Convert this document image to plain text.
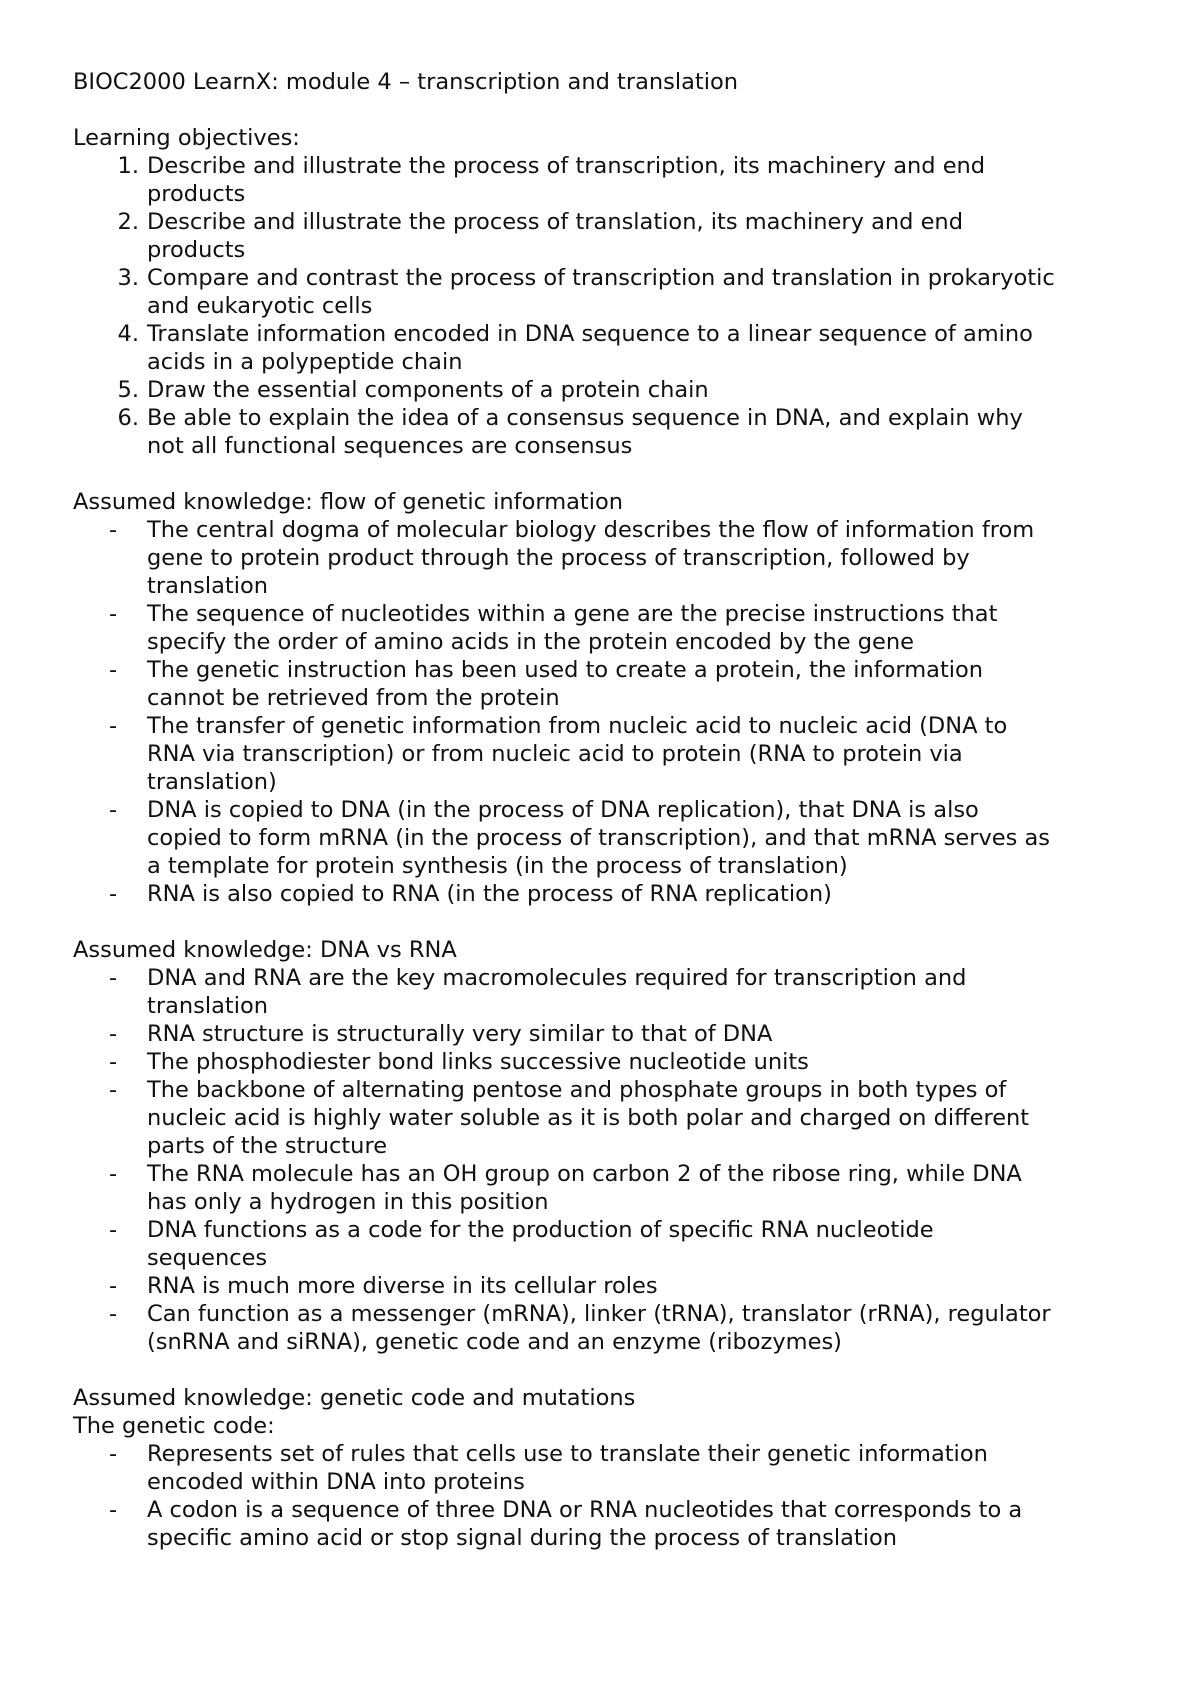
BIOC2000 LearnX: module 4 – transcription and translation

Learning objectives:

1. Describe and illustrate the process of transcription, its machinery and end
products
2. Describe and illustrate the process of translation, its machinery and end
products
3. Compare and contrast the process of transcription and translation in prokaryotic
and eukaryotic cells
4. Translate information encoded in DNA sequence to a linear sequence of amino
acids in a polypeptide chain
5. Draw the essential components of a protein chain
6. Be able to explain the idea of a consensus sequence in DNA, and explain why
not all functional sequences are consensus

Assumed knowledge: flow of genetic information

-	The central dogma of molecular biology describes the flow of information from
gene to protein product through the process of transcription, followed by
translation
-	The sequence of nucleotides within a gene are the precise instructions that
specify the order of amino acids in the protein encoded by the gene
-	The genetic instruction has been used to create a protein, the information
cannot be retrieved from the protein
-	The transfer of genetic information from nucleic acid to nucleic acid (DNA to
RNA via transcription) or from nucleic acid to protein (RNA to protein via
translation)
-	DNA is copied to DNA (in the process of DNA replication), that DNA is also
copied to form mRNA (in the process of transcription), and that mRNA serves as
a template for protein synthesis (in the process of translation)
-	RNA is also copied to RNA (in the process of RNA replication)

Assumed knowledge: DNA vs RNA

-	DNA and RNA are the key macromolecules required for transcription and
translation
-	RNA structure is structurally very similar to that of DNA
-	The phosphodiester bond links successive nucleotide units
-	The backbone of alternating pentose and phosphate groups in both types of
nucleic acid is highly water soluble as it is both polar and charged on different
parts of the structure
-	The RNA molecule has an OH group on carbon 2 of the ribose ring, while DNA
has only a hydrogen in this position
-	DNA functions as a code for the production of specific RNA nucleotide
sequences
-	RNA is much more diverse in its cellular roles
-	Can function as a messenger (mRNA), linker (tRNA), translator (rRNA), regulator
(snRNA and siRNA), genetic code and an enzyme (ribozymes)

Assumed knowledge: genetic code and mutations

The genetic code:

-	Represents set of rules that cells use to translate their genetic information
encoded within DNA into proteins
-	A codon is a sequence of three DNA or RNA nucleotides that corresponds to a
specific amino acid or stop signal during the process of translation
